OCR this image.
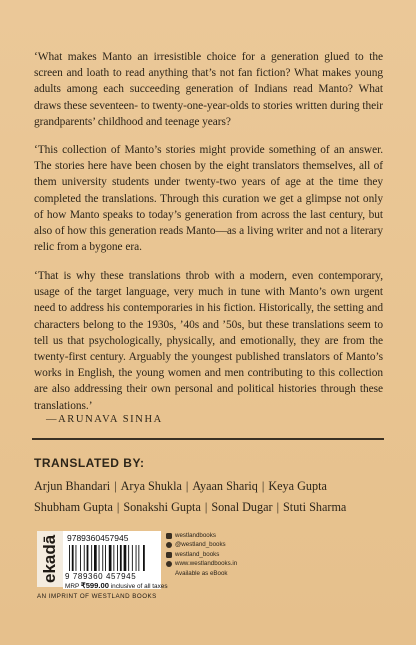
‘What makes Manto an irresistible choice for a generation glued to the screen and loath to read anything that’s not fan fiction? What makes young adults among each succeeding generation of Indians read Manto? What draws these seventeen- to twenty-one-year-olds to stories written during their grandparents’ childhood and teenage years?

‘This collection of Manto’s stories might provide something of an answer. The stories here have been chosen by the eight translators themselves, all of them university students under twenty-two years of age at the time they completed the translations. Through this curation we get a glimpse not only of how Manto speaks to today’s generation from across the last century, but also of how this generation reads Manto—as a living writer and not a literary relic from a bygone era.

‘That is why these translations throb with a modern, even contemporary, usage of the target language, very much in tune with Manto’s own urgent need to address his contemporaries in his fiction. Historically, the setting and characters belong to the 1930s, ’40s and ’50s, but these translations seem to tell us that psychologically, physically, and emotionally, they are from the twenty-first century. Arguably the youngest published translators of Manto’s works in English, the young women and men contributing to this collection are also addressing their own personal and political histories through these translations.’

—ARUNAVA SINHA
TRANSLATED BY:
Arjun Bhandari | Arya Shukla | Ayaan Shariq | Keya Gupta
Shubham Gupta | Sonakshi Gupta | Sonal Dugar | Stuti Sharma
ekadā 9789360457945
9 789360 457945
MRP ₹599.00 inclusive of all taxes
AN IMPRINT OF WESTLAND BOOKS
westlandbooks
@westland_books
westland_books
www.westlandbooks.in
Available as eBook
